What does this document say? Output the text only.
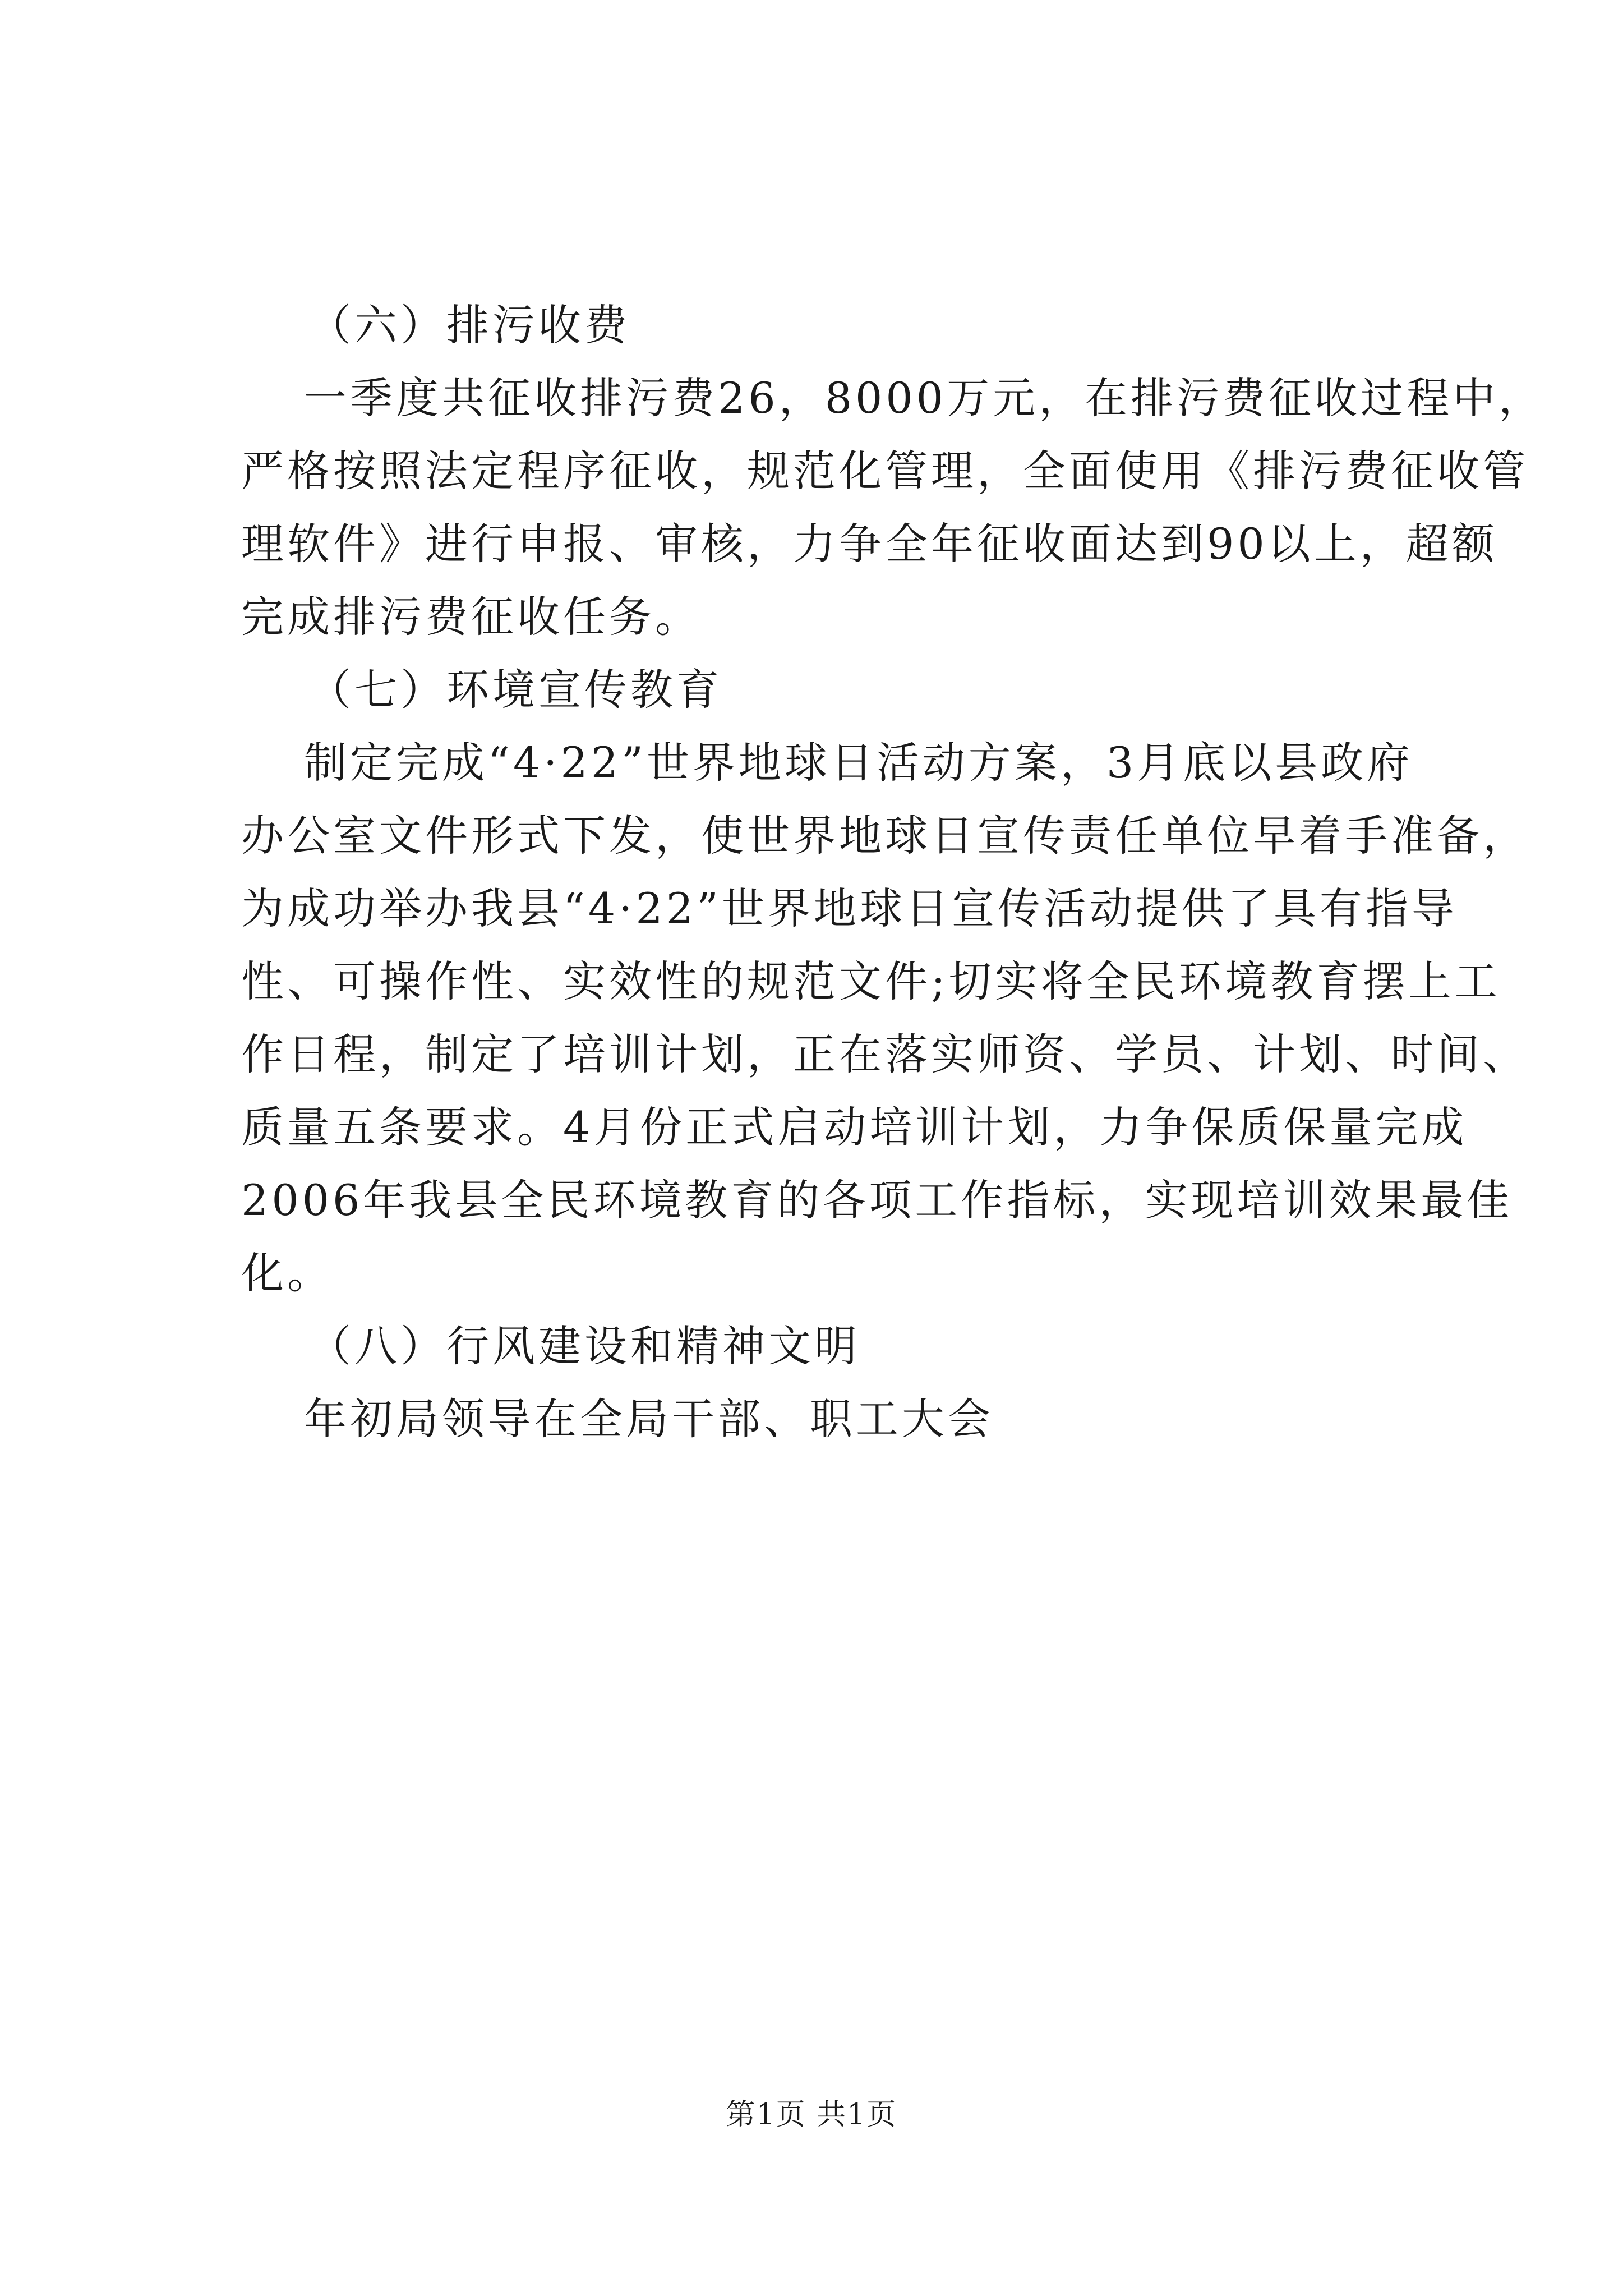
（六）排污收费
一季度共征收排污费26，8000万元，在排污费征收过程中，
严格按照法定程序征收，规范化管理，全面使用《排污费征收管
理软件》进行申报、审核，力争全年征收面达到90以上，超额
完成排污费征收任务。
（七）环境宣传教育
制定完成“4·22”世界地球日活动方案，3月底以县政府
办公室文件形式下发，使世界地球日宣传责任单位早着手准备，
为成功举办我县“4·22”世界地球日宣传活动提供了具有指导
性、可操作性、实效性的规范文件;切实将全民环境教育摆上工
作日程，制定了培训计划，正在落实师资、学员、计划、时间、
质量五条要求。4月份正式启动培训计划，力争保质保量完成
2006年我县全民环境教育的各项工作指标，实现培训效果最佳
化。
（八）行风建设和精神文明
年初局领导在全局干部、职工大会
第1页 共1页
